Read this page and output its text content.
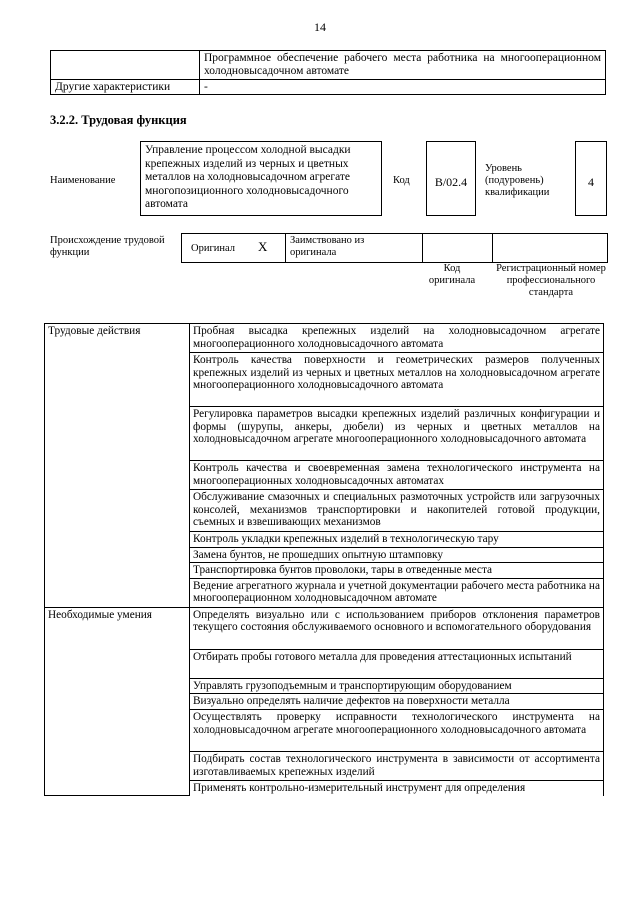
14
	Программное обеспечение рабочего места работника на многооперационном холодновысадочном автомате
Другие характеристики	-
3.2.2. Трудовая функция
Наименование
Управление процессом холодной высадки крепежных изделий из черных и цветных металлов на холодновысадочном агрегате многопозиционного холодновысадочного автомата
Код	B/02.4
Уровень (подуровень) квалификации
4
Происхождение трудовой функции	Оригинал X Заимствовано из оригинала
Код оригинала
Регистрационный номер профессионального стандарта
Трудовые действия	Пробная высадка крепежных изделий на холодновысадочном агрегате многооперационного холодновысадочного автомата
	Контроль качества поверхности и геометрических размеров полученных крепежных изделий из черных и цветных металлов на холодновысадочном агрегате многооперационного холодновысадочного автомата
	Регулировка параметров высадки крепежных изделий различных конфигурации и формы (шурупы, анкеры, дюбели) из черных и цветных металлов на холодновысадочном агрегате многооперационного холодновысадочного автомата
	Контроль качества и своевременная замена технологического инструмента на многооперационных холодновысадочных автоматах
	Обслуживание смазочных и специальных размоточных устройств или загрузочных консолей, механизмов транспортировки и накопителей готовой продукции, съемных и взвешивающих механизмов
	Контроль укладки крепежных изделий в технологическую тару
	Замена бунтов, не прошедших опытную штамповку
	Транспортировка бунтов проволоки, тары в отведенные места
	Ведение агрегатного журнала и учетной документации рабочего места работника на многооперационном холодновысадочном автомате
Необходимые умения	Определять визуально или с использованием приборов отклонения параметров текущего состояния обслуживаемого основного и вспомогательного оборудования
	Отбирать пробы готового металла для проведения аттестационных испытаний
	Управлять грузоподъемным и транспортирующим оборудованием
	Визуально определять наличие дефектов на поверхности металла
	Осуществлять проверку исправности технологического инструмента на холодновысадочном агрегате многооперационного холодновысадочного автомата
	Подбирать состав технологического инструмента в зависимости от ассортимента изготавливаемых крепежных изделий
	Применять контрольно-измерительный инструмент для определения
